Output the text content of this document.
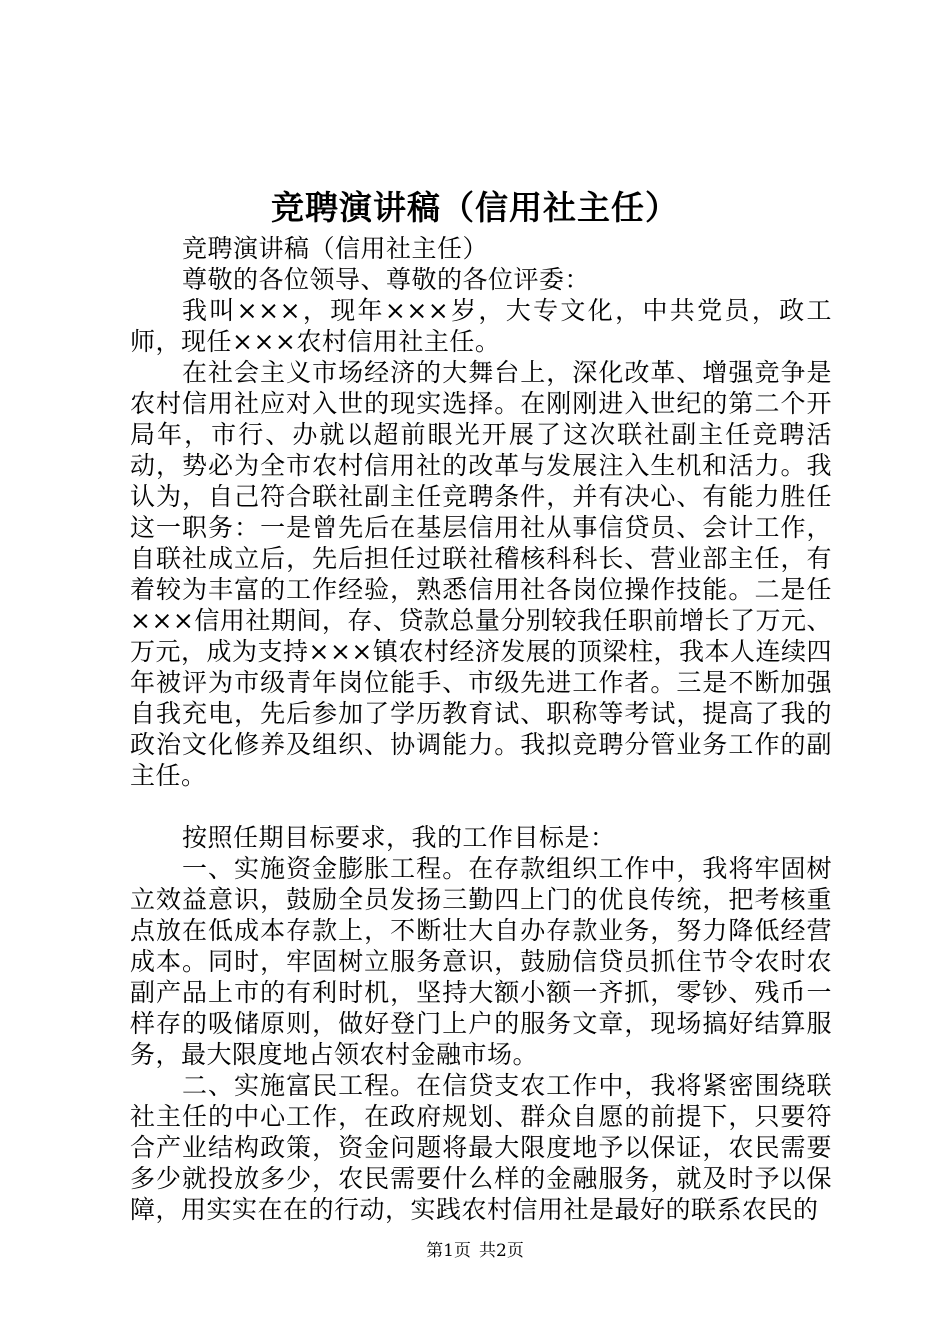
竞聘演讲稿（信用社主任）

竞聘演讲稿（信用社主任）

尊敬的各位领导、尊敬的各位评委：

我叫×××，现年×××岁，大专文化，中共党员，政工师，现任×××农村信用社主任。

在社会主义市场经济的大舞台上，深化改革、增强竞争是农村信用社应对入世的现实选择。在刚刚进入世纪的第二个开局年，市行、办就以超前眼光开展了这次联社副主任竞聘活动，势必为全市农村信用社的改革与发展注入生机和活力。我认为，自己符合联社副主任竞聘条件，并有决心、有能力胜任这一职务：一是曾先后在基层信用社从事信贷员、会计工作，自联社成立后，先后担任过联社稽核科科长、营业部主任，有着较为丰富的工作经验，熟悉信用社各岗位操作技能。二是任×××信用社期间，存、贷款总量分别较我任职前增长了万元、万元，成为支持×××镇农村经济发展的顶梁柱，我本人连续四年被评为市级青年岗位能手、市级先进工作者。三是不断加强自我充电，先后参加了学历教育试、职称等考试，提高了我的政治文化修养及组织、协调能力。我拟竞聘分管业务工作的副主任。

按照任期目标要求，我的工作目标是：

一、实施资金膨胀工程。在存款组织工作中，我将牢固树立效益意识，鼓励全员发扬三勤四上门的优良传统，把考核重点放在低成本存款上，不断壮大自办存款业务，努力降低经营成本。同时，牢固树立服务意识，鼓励信贷员抓住节令农时农副产品上市的有利时机，坚持大额小额一齐抓，零钞、残币一样存的吸储原则，做好登门上户的服务文章，现场搞好结算服务，最大限度地占领农村金融市场。

二、实施富民工程。在信贷支农工作中，我将紧密围绕联社主任的中心工作，在政府规划、群众自愿的前提下，只要符合产业结构政策，资金问题将最大限度地予以保证，农民需要多少就投放多少，农民需要什么样的金融服务，就及时予以保障，用实实在在的行动，实践农村信用社是最好的联系农民的

第1页 共2页
